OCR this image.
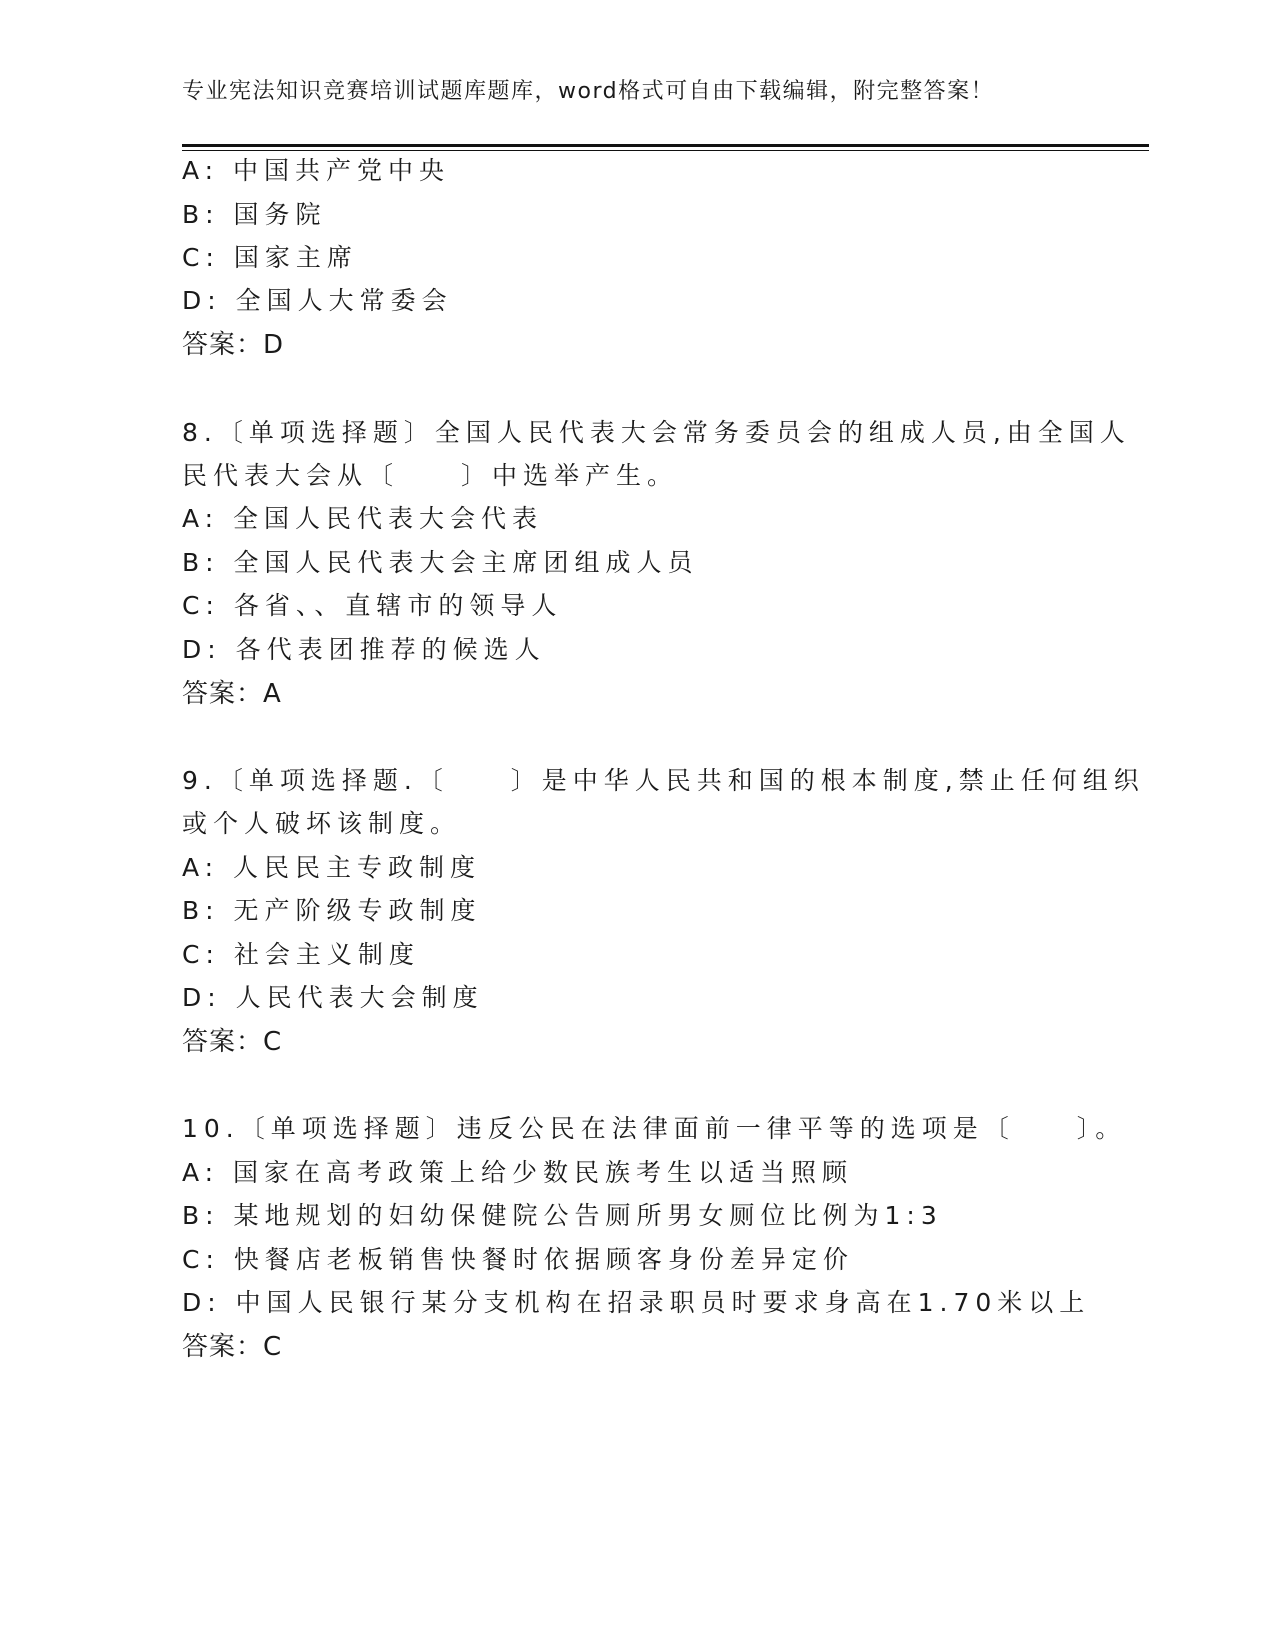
专业宪法知识竞赛培训试题库题库，word格式可自由下载编辑，附完整答案！
A: 中国共产党中央
B: 国务院
C: 国家主席
D: 全国人大常委会
答案：D
8.〔单项选择题〕全国人民代表大会常务委员会的组成人员,由全国人
民代表大会从〔　　〕中选举产生。
A: 全国人民代表大会代表
B: 全国人民代表大会主席团组成人员
C: 各省、、直辖市的领导人
D: 各代表团推荐的候选人
答案：A
9.〔单项选择题.〔　　〕是中华人民共和国的根本制度,禁止任何组织
或个人破坏该制度。
A: 人民民主专政制度
B: 无产阶级专政制度
C: 社会主义制度
D: 人民代表大会制度
答案：C
10.〔单项选择题〕违反公民在法律面前一律平等的选项是〔　　〕。
A: 国家在高考政策上给少数民族考生以适当照顾
B: 某地规划的妇幼保健院公告厕所男女厕位比例为1:3
C: 快餐店老板销售快餐时依据顾客身份差异定价
D: 中国人民银行某分支机构在招录职员时要求身高在1.70米以上
答案：C
